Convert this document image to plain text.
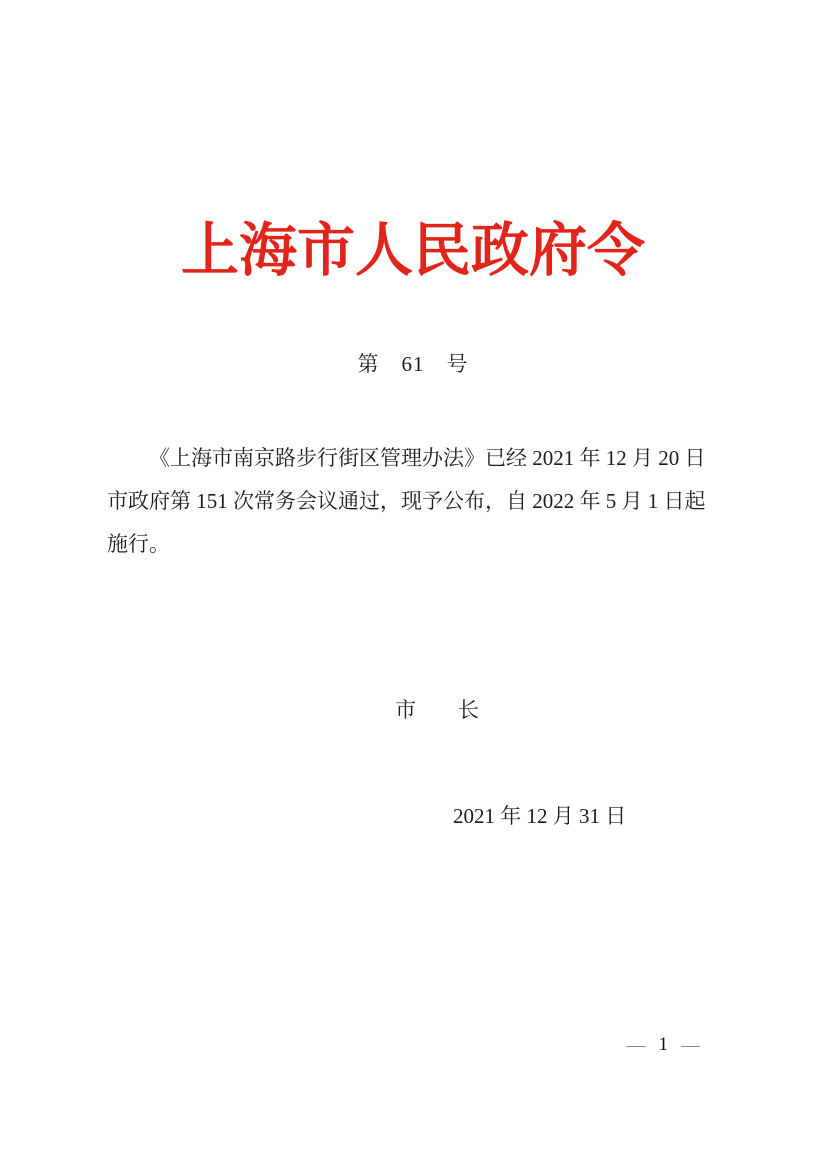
上海市人民政府令
第　61　号
《上海市南京路步行街区管理办法》已经 2021 年 12 月 20 日
市政府第 151 次常务会议通过，现予公布，自 2022 年 5 月 1 日起
施行。
市　　长
2021 年 12 月 31 日
— 1 —
